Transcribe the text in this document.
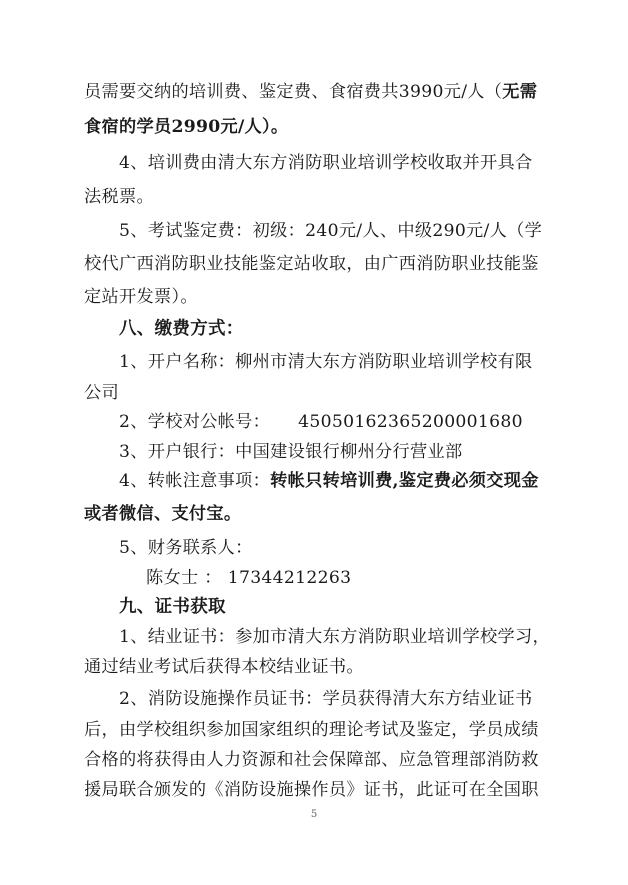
员需要交纳的培训费、鉴定费、食宿费共3990元/人（无需
食宿的学员2990元/人）。
4、培训费由清大东方消防职业培训学校收取并开具合
法税票。
5、考试鉴定费：初级：240元/人、中级290元/人（学
校代广西消防职业技能鉴定站收取，由广西消防职业技能鉴
定站开发票）。
八、缴费方式：
1、开户名称：柳州市清大东方消防职业培训学校有限
公司
2、学校对公帐号： 45050162365200001680
3、开户银行：中国建设银行柳州分行营业部
4、转帐注意事项：转帐只转培训费,鉴定费必须交现金
或者微信、支付宝。
5、财务联系人：
陈女士 ： 17344212263
九、证书获取
1、结业证书：参加市清大东方消防职业培训学校学习，
通过结业考试后获得本校结业证书。
2、消防设施操作员证书：学员获得清大东方结业证书
后，由学校组织参加国家组织的理论考试及鉴定，学员成绩
合格的将获得由人力资源和社会保障部、应急管理部消防救
援局联合颁发的《消防设施操作员》证书，此证可在全国职
5
